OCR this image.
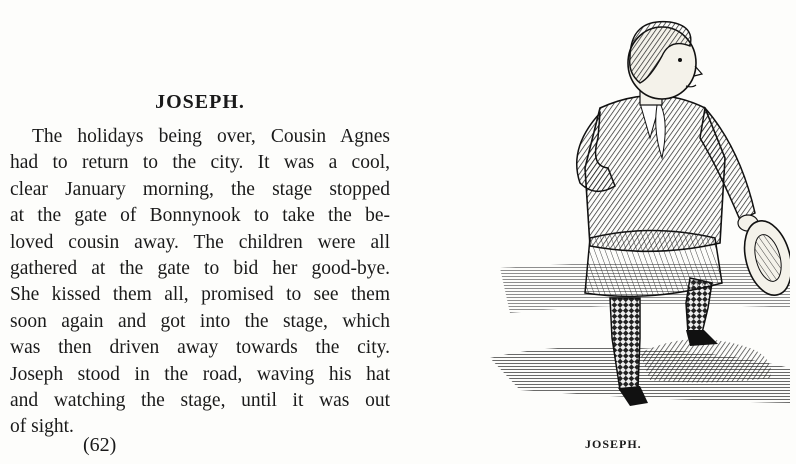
JOSEPH.
The holidays being over, Cousin Agnes
had to return to the city. It was a cool,
clear January morning, the stage stopped
at the gate of Bonnynook to take the be-
loved cousin away. The children were all
gathered at the gate to bid her good-bye.
She kissed them all, promised to see them
soon again and got into the stage, which
was then driven away towards the city.
Joseph stood in the road, waving his hat
and watching the stage, until it was out
of sight.
(62)	JOSEPH.
